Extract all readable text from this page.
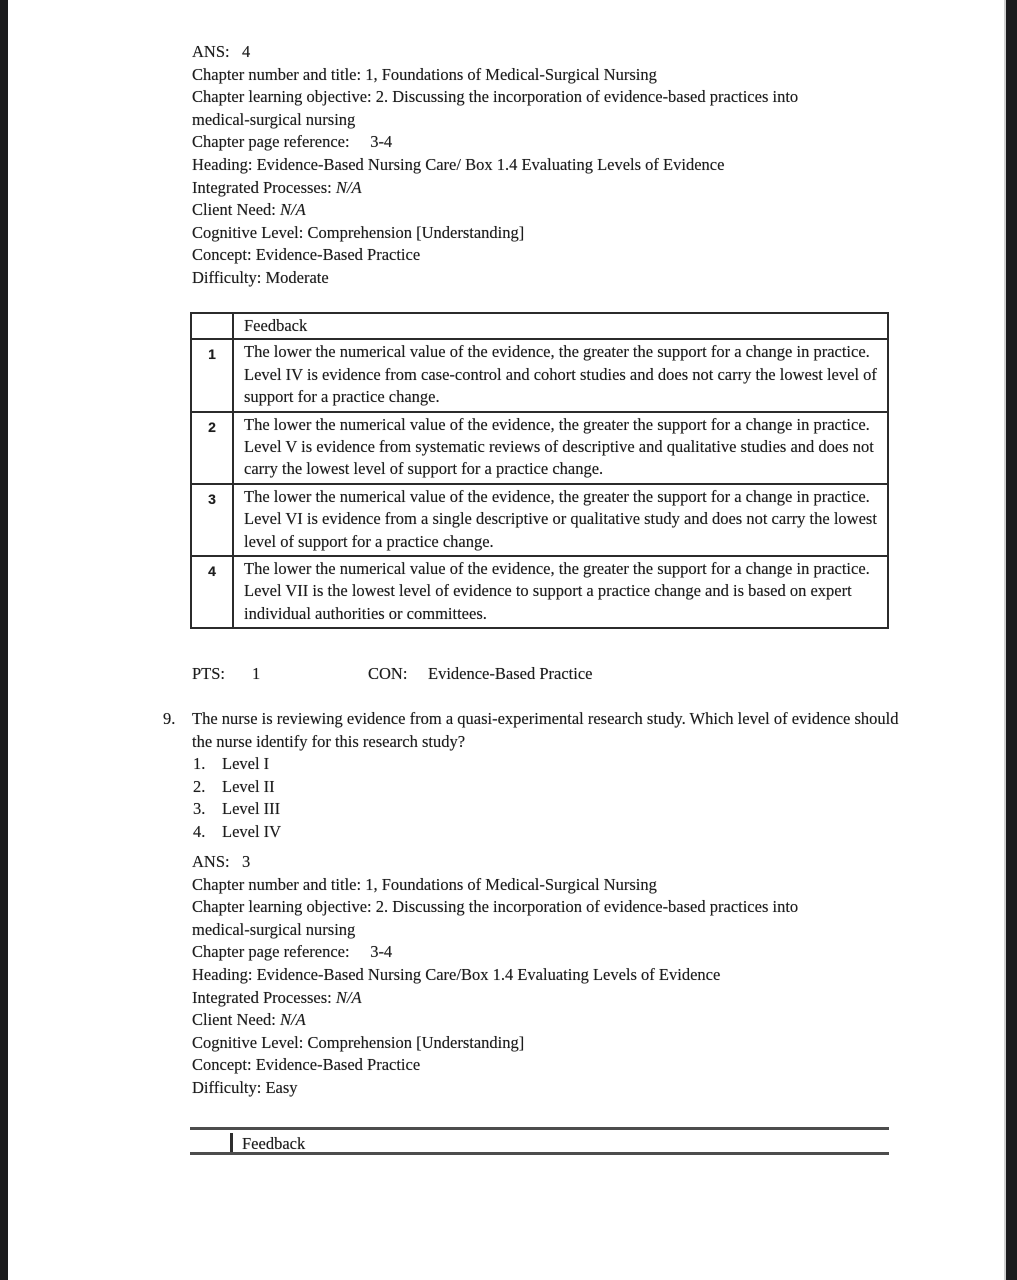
ANS:   4
Chapter number and title: 1, Foundations of Medical-Surgical Nursing
Chapter learning objective: 2. Discussing the incorporation of evidence-based practices into
medical-surgical nursing
Chapter page reference:     3-4
Heading: Evidence-Based Nursing Care/ Box 1.4 Evaluating Levels of Evidence
Integrated Processes: N/A
Client Need: N/A
Cognitive Level: Comprehension [Understanding]
Concept: Evidence-Based Practice
Difficulty: Moderate
	Feedback
1	The lower the numerical value of the evidence, the greater the support for a change in practice. Level IV is evidence from case-control and cohort studies and does not carry the lowest level of support for a practice change.
2	The lower the numerical value of the evidence, the greater the support for a change in practice. Level V is evidence from systematic reviews of descriptive and qualitative studies and does not carry the lowest level of support for a practice change.
3	The lower the numerical value of the evidence, the greater the support for a change in practice. Level VI is evidence from a single descriptive or qualitative study and does not carry the lowest level of support for a practice change.
4	The lower the numerical value of the evidence, the greater the support for a change in practice. Level VII is the lowest level of evidence to support a practice change and is based on expert individual authorities or committees.
PTS: 1	CON: Evidence-Based Practice
9.	The nurse is reviewing evidence from a quasi-experimental research study. Which level of evidence should the nurse identify for this research study?
1.	Level I
2.	Level II
3.	Level III
4.	Level IV
ANS:   3
Chapter number and title: 1, Foundations of Medical-Surgical Nursing
Chapter learning objective: 2. Discussing the incorporation of evidence-based practices into
medical-surgical nursing
Chapter page reference:     3-4
Heading: Evidence-Based Nursing Care/Box 1.4 Evaluating Levels of Evidence
Integrated Processes: N/A
Client Need: N/A
Cognitive Level: Comprehension [Understanding]
Concept: Evidence-Based Practice
Difficulty: Easy
Feedback
